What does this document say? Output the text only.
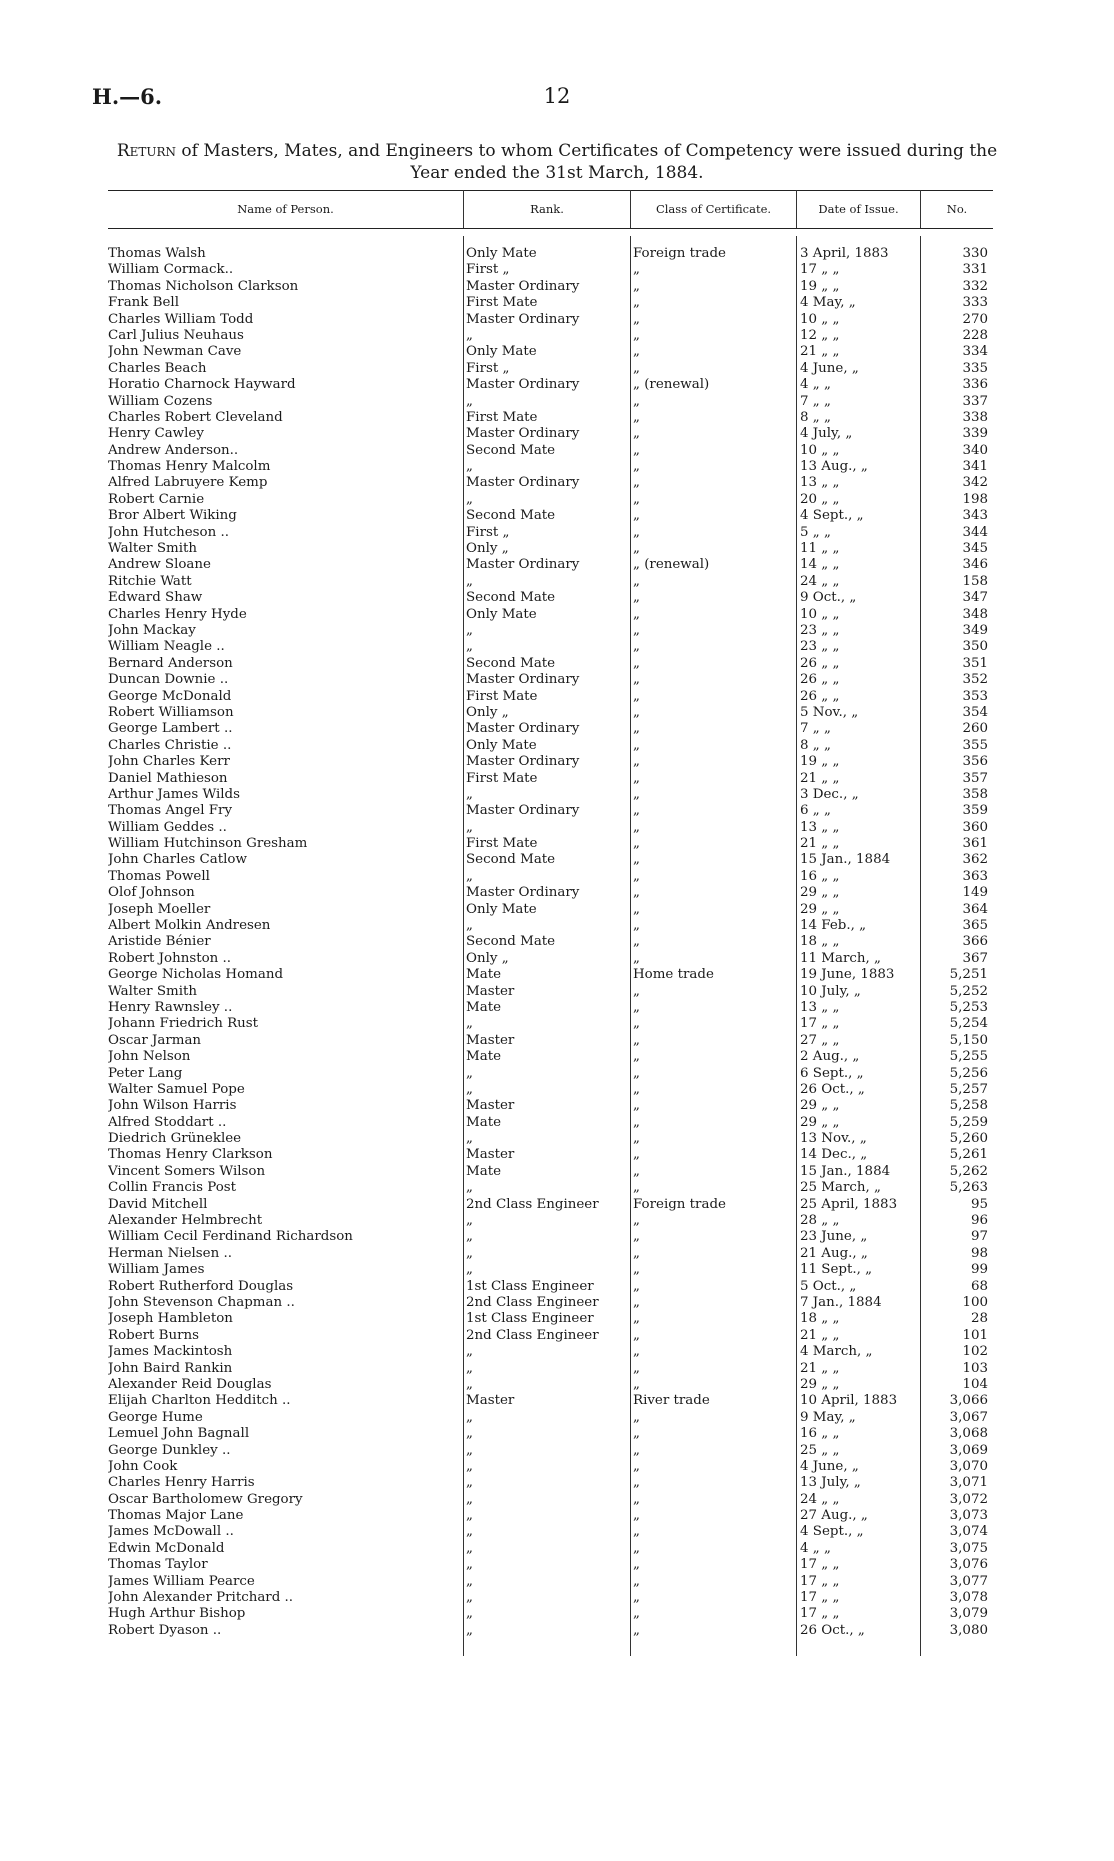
H.—6.	12
Return of Masters, Mates, and Engineers to whom Certificates of Competency were issued during the Year ended the 31st March, 1884.
Name of Person.	Rank.	Class of Certificate.	Date of Issue.	No.
Thomas Walsh	Only Mate	Foreign trade	3 April, 1883	330
William Cormack..	First „	„	17 „ „	331
Thomas Nicholson Clarkson	Master Ordinary	„	19 „ „	332
Frank Bell	First Mate	„	4 May, „	333
Charles William Todd	Master Ordinary	„	10 „ „	270
Carl Julius Neuhaus	„	„	12 „ „	228
John Newman Cave	Only Mate	„	21 „ „	334
Charles Beach	First „	„	4 June, „	335
Horatio Charnock Hayward	Master Ordinary	„ (renewal)	4 „ „	336
William Cozens	„	„	7 „ „	337
Charles Robert Cleveland	First Mate	„	8 „ „	338
Henry Cawley	Master Ordinary	„	4 July, „	339
Andrew Anderson..	Second Mate	„	10 „ „	340
Thomas Henry Malcolm	„	„	13 Aug., „	341
Alfred Labruyere Kemp	Master Ordinary	„	13 „ „	342
Robert Carnie	„	„	20 „ „	198
Bror Albert Wiking	Second Mate	„	4 Sept., „	343
John Hutcheson ..	First „	„	5 „ „	344
Walter Smith	Only „	„	11 „ „	345
Andrew Sloane	Master Ordinary	„ (renewal)	14 „ „	346
Ritchie Watt	„	„	24 „ „	158
Edward Shaw	Second Mate	„	9 Oct., „	347
Charles Henry Hyde	Only Mate	„	10 „ „	348
John Mackay	„	„	23 „ „	349
William Neagle ..	„	„	23 „ „	350
Bernard Anderson	Second Mate	„	26 „ „	351
Duncan Downie ..	Master Ordinary	„	26 „ „	352
George McDonald	First Mate	„	26 „ „	353
Robert Williamson	Only „	„	5 Nov., „	354
George Lambert ..	Master Ordinary	„	7 „ „	260
Charles Christie ..	Only Mate	„	8 „ „	355
John Charles Kerr	Master Ordinary	„	19 „ „	356
Daniel Mathieson	First Mate	„	21 „ „	357
Arthur James Wilds	„	„	3 Dec., „	358
Thomas Angel Fry	Master Ordinary	„	6 „ „	359
William Geddes ..	„	„	13 „ „	360
William Hutchinson Gresham	First Mate	„	21 „ „	361
John Charles Catlow	Second Mate	„	15 Jan., 1884	362
Thomas Powell	„	„	16 „ „	363
Olof Johnson	Master Ordinary	„	29 „ „	149
Joseph Moeller	Only Mate	„	29 „ „	364
Albert Molkin Andresen	„	„	14 Feb., „	365
Aristide Bénier	Second Mate	„	18 „ „	366
Robert Johnston ..	Only „	„	11 March, „	367
George Nicholas Homand	Mate	Home trade	19 June, 1883	5,251
Walter Smith	Master	„	10 July, „	5,252
Henry Rawnsley ..	Mate	„	13 „ „	5,253
Johann Friedrich Rust	„	„	17 „ „	5,254
Oscar Jarman	Master	„	27 „ „	5,150
John Nelson	Mate	„	2 Aug., „	5,255
Peter Lang	„	„	6 Sept., „	5,256
Walter Samuel Pope	„	„	26 Oct., „	5,257
John Wilson Harris	Master	„	29 „ „	5,258
Alfred Stoddart ..	Mate	„	29 „ „	5,259
Diedrich Grüneklee	„	„	13 Nov., „	5,260
Thomas Henry Clarkson	Master	„	14 Dec., „	5,261
Vincent Somers Wilson	Mate	„	15 Jan., 1884	5,262
Collin Francis Post	„	„	25 March, „	5,263
David Mitchell	2nd Class Engineer	Foreign trade	25 April, 1883	95
Alexander Helmbrecht	„	„	28 „ „	96
William Cecil Ferdinand Richardson	„	„	23 June, „	97
Herman Nielsen ..	„	„	21 Aug., „	98
William James	„	„	11 Sept., „	99
Robert Rutherford Douglas	1st Class Engineer	„	5 Oct., „	68
John Stevenson Chapman ..	2nd Class Engineer	„	7 Jan., 1884	100
Joseph Hambleton	1st Class Engineer	„	18 „ „	28
Robert Burns	2nd Class Engineer	„	21 „ „	101
James Mackintosh	„	„	4 March, „	102
John Baird Rankin	„	„	21 „ „	103
Alexander Reid Douglas	„	„	29 „ „	104
Elijah Charlton Hedditch ..	Master	River trade	10 April, 1883	3,066
George Hume	„	„	9 May, „	3,067
Lemuel John Bagnall	„	„	16 „ „	3,068
George Dunkley ..	„	„	25 „ „	3,069
John Cook	„	„	4 June, „	3,070
Charles Henry Harris	„	„	13 July, „	3,071
Oscar Bartholomew Gregory	„	„	24 „ „	3,072
Thomas Major Lane	„	„	27 Aug., „	3,073
James McDowall ..	„	„	4 Sept., „	3,074
Edwin McDonald	„	„	4 „ „	3,075
Thomas Taylor	„	„	17 „ „	3,076
James William Pearce	„	„	17 „ „	3,077
John Alexander Pritchard ..	„	„	17 „ „	3,078
Hugh Arthur Bishop	„	„	17 „ „	3,079
Robert Dyason ..	„	„	26 Oct., „	3,080
